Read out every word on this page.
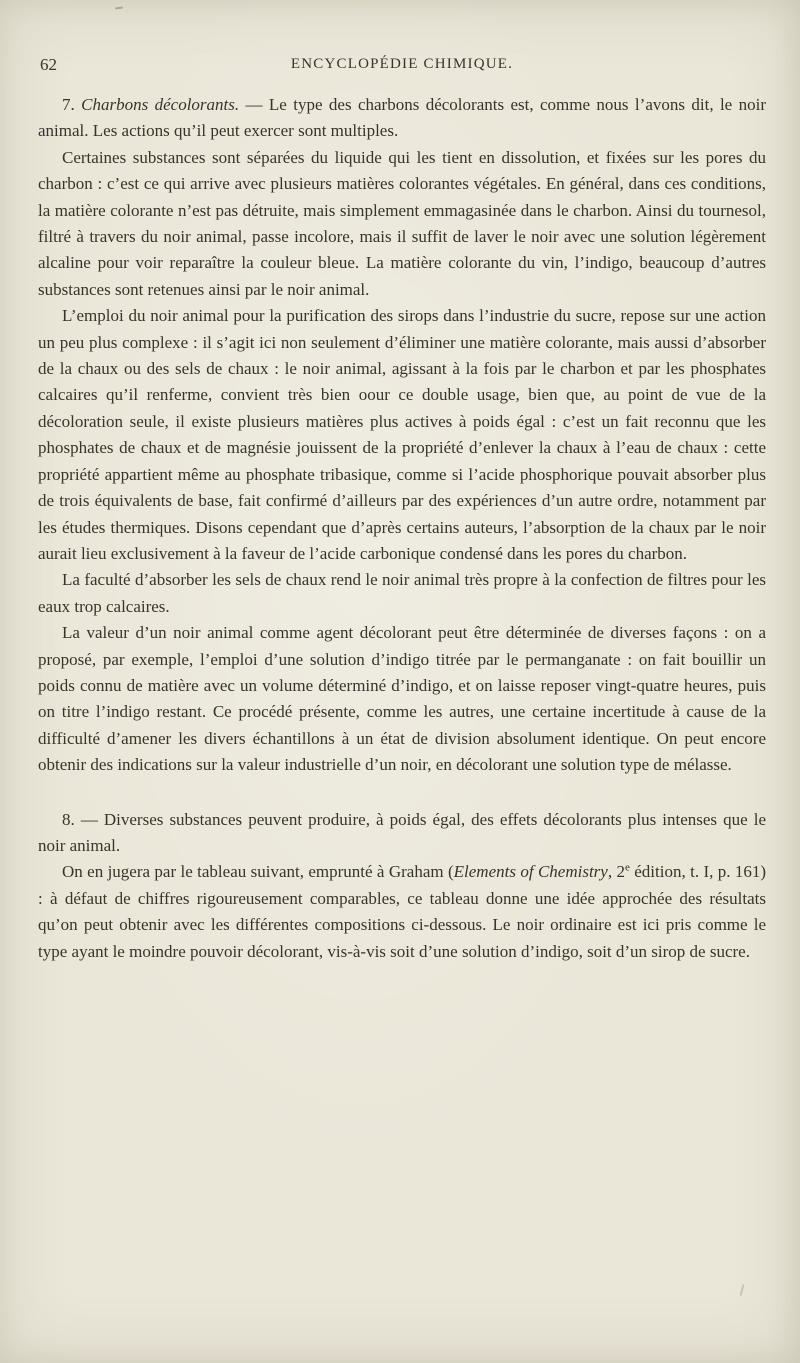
62	ENCYCLOPÉDIE CHIMIQUE.

7. Charbons décolorants. — Le type des charbons décolorants est, comme nous l’avons dit, le noir animal. Les actions qu’il peut exercer sont multiples.

Certaines substances sont séparées du liquide qui les tient en dissolution, et fixées sur les pores du charbon : c’est ce qui arrive avec plusieurs matières colorantes végétales. En général, dans ces conditions, la matière colorante n’est pas détruite, mais simplement emmagasinée dans le charbon. Ainsi du tournesol, filtré à travers du noir animal, passe incolore, mais il suffit de laver le noir avec une solution légèrement alcaline pour voir reparaître la couleur bleue. La matière colorante du vin, l’indigo, beaucoup d’autres substances sont retenues ainsi par le noir animal.

L’emploi du noir animal pour la purification des sirops dans l’industrie du sucre, repose sur une action un peu plus complexe : il s’agit ici non seulement d’éliminer une matière colorante, mais aussi d’absorber de la chaux ou des sels de chaux : le noir animal, agissant à la fois par le charbon et par les phosphates calcaires qu’il renferme, convient très bien oour ce double usage, bien que, au point de vue de la décoloration seule, il existe plusieurs matières plus actives à poids égal : c’est un fait reconnu que les phosphates de chaux et de magnésie jouissent de la propriété d’enlever la chaux à l’eau de chaux : cette propriété appartient même au phosphate tribasique, comme si l’acide phosphorique pouvait absorber plus de trois équivalents de base, fait confirmé d’ailleurs par des expériences d’un autre ordre, notamment par les études thermiques. Disons cependant que d’après certains auteurs, l’absorption de la chaux par le noir aurait lieu exclusivement à la faveur de l’acide carbonique condensé dans les pores du charbon.

La faculté d’absorber les sels de chaux rend le noir animal très propre à la confection de filtres pour les eaux trop calcaires.

La valeur d’un noir animal comme agent décolorant peut être déterminée de diverses façons : on a proposé, par exemple, l’emploi d’une solution d’indigo titrée par le permanganate : on fait bouillir un poids connu de matière avec un volume déterminé d’indigo, et on laisse reposer vingt-quatre heures, puis on titre l’indigo restant. Ce procédé présente, comme les autres, une certaine incertitude à cause de la difficulté d’amener les divers échantillons à un état de division absolument identique. On peut encore obtenir des indications sur la valeur industrielle d’un noir, en décolorant une solution type de mélasse.

8. — Diverses substances peuvent produire, à poids égal, des effets décolorants plus intenses que le noir animal.

On en jugera par le tableau suivant, emprunté à Graham (Elements of Chemistry, 2e édition, t. I, p. 161) : à défaut de chiffres rigoureusement comparables, ce tableau donne une idée approchée des résultats qu’on peut obtenir avec les différentes compositions ci-dessous. Le noir ordinaire est ici pris comme le type ayant le moindre pouvoir décolorant, vis-à-vis soit d’une solution d’indigo, soit d’un sirop de sucre.
